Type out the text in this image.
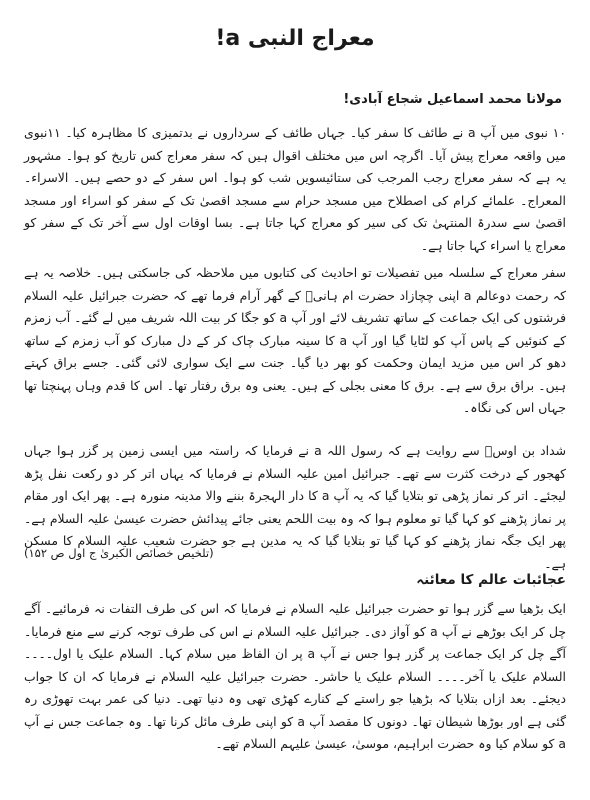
معراج النبی a!
مولانا محمد اسماعیل شجاع آبادی!

۱۰ نبوی میں آپ a نے طائف کا سفر کیا۔ جہاں طائف کے سرداروں نے بدتمیزی کا مظاہرہ کیا۔ ۱۱نبوی میں واقعہ معراج پیش آیا۔ اگرچہ اس میں مختلف اقوال ہیں کہ سفر معراج کس تاریخ کو ہوا۔ مشہور یہ ہے کہ سفر معراج رجب المرجب کی ستائیسویں شب کو ہوا۔ اس سفر کے دو حصے ہیں۔ الاسراء۔ المعراج۔ علمائے کرام کی اصطلاح میں مسجد حرام سے مسجد اقصیٰ تک کے سفر کو اسراء اور مسجد اقصیٰ سے سدرۃ المنتہیٰ تک کی سیر کو معراج کہا جاتا ہے۔ بسا اوقات اول سے آخر تک کے سفر کو معراج یا اسراء کہا جاتا ہے۔

سفر معراج کے سلسلہ میں تفصیلات تو احادیث کی کتابوں میں ملاحظہ کی جاسکتی ہیں۔ خلاصہ یہ ہے کہ رحمت دوعالم a اپنی چچازاد حضرت ام ہانیؓ کے گھر آرام فرما تھے کہ حضرت جبرائیل علیہ السلام فرشتوں کی ایک جماعت کے ساتھ تشریف لائے اور آپ a کو جگا کر بیت اللہ شریف میں لے گئے۔ آب زمزم کے کنوئیں کے پاس آپ کو لٹایا گیا اور آپ a کا سینہ مبارک چاک کر کے دل مبارک کو آب زمزم کے ساتھ دھو کر اس میں مزید ایمان وحکمت کو بھر دیا گیا۔ جنت سے ایک سواری لائی گئی۔ جسے براق کہتے ہیں۔ براق برق سے ہے۔ برق کا معنی بجلی کے ہیں۔ یعنی وہ برق رفتار تھا۔ اس کا قدم وہاں پہنچتا تھا جہاں اس کی نگاہ۔

شداد بن اوسؓ سے روایت ہے کہ رسول اللہ a نے فرمایا کہ راستہ میں ایسی زمین پر گزر ہوا جہاں کھجور کے درخت کثرت سے تھے۔ جبرائیل امین علیہ السلام نے فرمایا کہ یہاں اتر کر دو رکعت نفل پڑھ لیجئے۔ اتر کر نماز پڑھی تو بتلایا گیا کہ یہ آپ a کا دار الہجرۃ بننے والا مدینہ منورہ ہے۔ پھر ایک اور مقام پر نماز پڑھنے کو کہا گیا تو معلوم ہوا کہ وہ بیت اللحم یعنی جائے پیدائش حضرت عیسیٰ علیہ السلام ہے۔ پھر ایک جگہ نماز پڑھنے کو کہا گیا تو بتلایا گیا کہ یہ مدین ہے جو حضرت شعیب علیہ السلام کا مسکن ہے۔

(تلخیص خصائص الکبریٰ ج اول ص ۱۵۲)
عجائبات عالم کا معائنہ

ایک بڑھیا سے گزر ہوا تو حضرت جبرائیل علیہ السلام نے فرمایا کہ اس کی طرف التفات نہ فرمائیے۔ آگے چل کر ایک بوڑھے نے آپ a کو آواز دی۔ جبرائیل علیہ السلام نے اس کی طرف توجہ کرنے سے منع فرمایا۔ آگے چل کر ایک جماعت پر گزر ہوا جس نے آپ a پر ان الفاظ میں سلام کہا۔ السلام علیک یا اول۔۔۔۔ السلام علیک یا آخر۔۔۔۔ السلام علیک یا حاشر۔ حضرت جبرائیل علیہ السلام نے فرمایا کہ ان کا جواب دیجئے۔ بعد ازاں بتلایا کہ بڑھیا جو راستے کے کنارے کھڑی تھی وہ دنیا تھی۔ دنیا کی عمر بہت تھوڑی رہ گئی ہے اور بوڑھا شیطان تھا۔ دونوں کا مقصد آپ a کو اپنی طرف مائل کرنا تھا۔ وہ جماعت جس نے آپ a کو سلام کیا وہ حضرت ابراہیم، موسیٰ، عیسیٰ علیہم السلام تھے۔
